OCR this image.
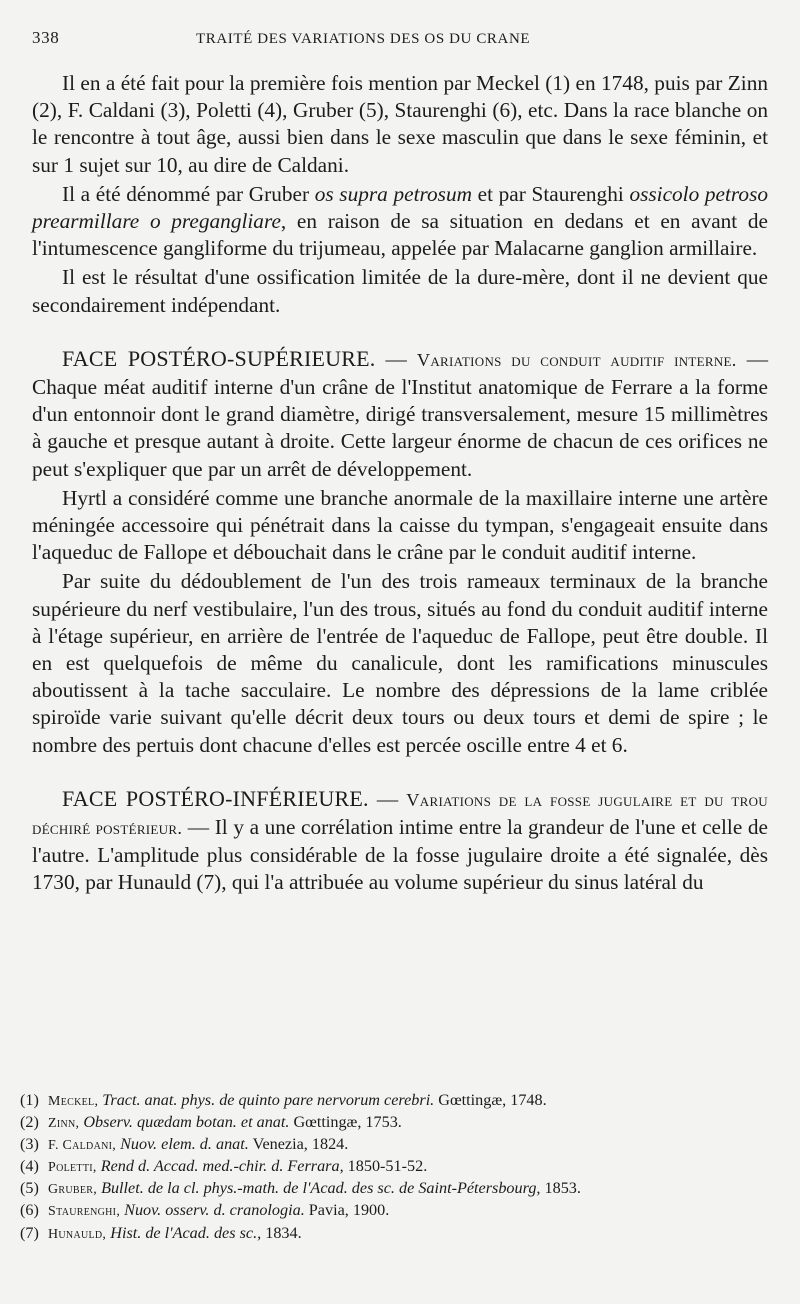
338	TRAITÉ DES VARIATIONS DES OS DU CRANE

Il en a été fait pour la première fois mention par Meckel (1) en 1748, puis par Zinn (2), F. Caldani (3), Poletti (4), Gruber (5), Staurenghi (6), etc. Dans la race blanche on le rencontre à tout âge, aussi bien dans le sexe masculin que dans le sexe féminin, et sur 1 sujet sur 10, au dire de Caldani.

Il a été dénommé par Gruber os supra petrosum et par Staurenghi ossicolo petroso prearmillare o pregangliare, en raison de sa situation en dedans et en avant de l'intumescence gangliforme du trijumeau, appelée par Malacarne ganglion armillaire.

Il est le résultat d'une ossification limitée de la dure-mère, dont il ne devient que secondairement indépendant.

FACE POSTÉRO-SUPÉRIEURE. — Variations du conduit auditif interne. — Chaque méat auditif interne d'un crâne de l'Institut anatomique de Ferrare a la forme d'un entonnoir dont le grand diamètre, dirigé transversalement, mesure 15 millimètres à gauche et presque autant à droite. Cette largeur énorme de chacun de ces orifices ne peut s'expliquer que par un arrêt de développement.

Hyrtl a considéré comme une branche anormale de la maxillaire interne une artère méningée accessoire qui pénétrait dans la caisse du tympan, s'engageait ensuite dans l'aqueduc de Fallope et débouchait dans le crâne par le conduit auditif interne.

Par suite du dédoublement de l'un des trois rameaux terminaux de la branche supérieure du nerf vestibulaire, l'un des trous, situés au fond du conduit auditif interne à l'étage supérieur, en arrière de l'entrée de l'aqueduc de Fallope, peut être double. Il en est quelquefois de même du canalicule, dont les ramifications minuscules aboutissent à la tache sacculaire. Le nombre des dépressions de la lame criblée spiroïde varie suivant qu'elle décrit deux tours ou deux tours et demi de spire ; le nombre des pertuis dont chacune d'elles est percée oscille entre 4 et 6.

FACE POSTÉRO-INFÉRIEURE. — Variations de la fosse jugulaire et du trou déchiré postérieur. — Il y a une corrélation intime entre la grandeur de l'une et celle de l'autre. L'amplitude plus considérable de la fosse jugulaire droite a été signalée, dès 1730, par Hunauld (7), qui l'a attribuée au volume supérieur du sinus latéral du

(1) Meckel, Tract. anat. phys. de quinto pare nervorum cerebri. Gœttingæ, 1748.

(2) Zinn, Observ. quædam botan. et anat. Gœttingæ, 1753.

(3) F. Caldani, Nuov. elem. d. anat. Venezia, 1824.

(4) Poletti, Rend d. Accad. med.-chir. d. Ferrara, 1850-51-52.

(5) Gruber, Bullet. de la cl. phys.-math. de l'Acad. des sc. de Saint-Pétersbourg, 1853.

(6) Staurenghi, Nuov. osserv. d. cranologia. Pavia, 1900.

(7) Hunauld, Hist. de l'Acad. des sc., 1834.
